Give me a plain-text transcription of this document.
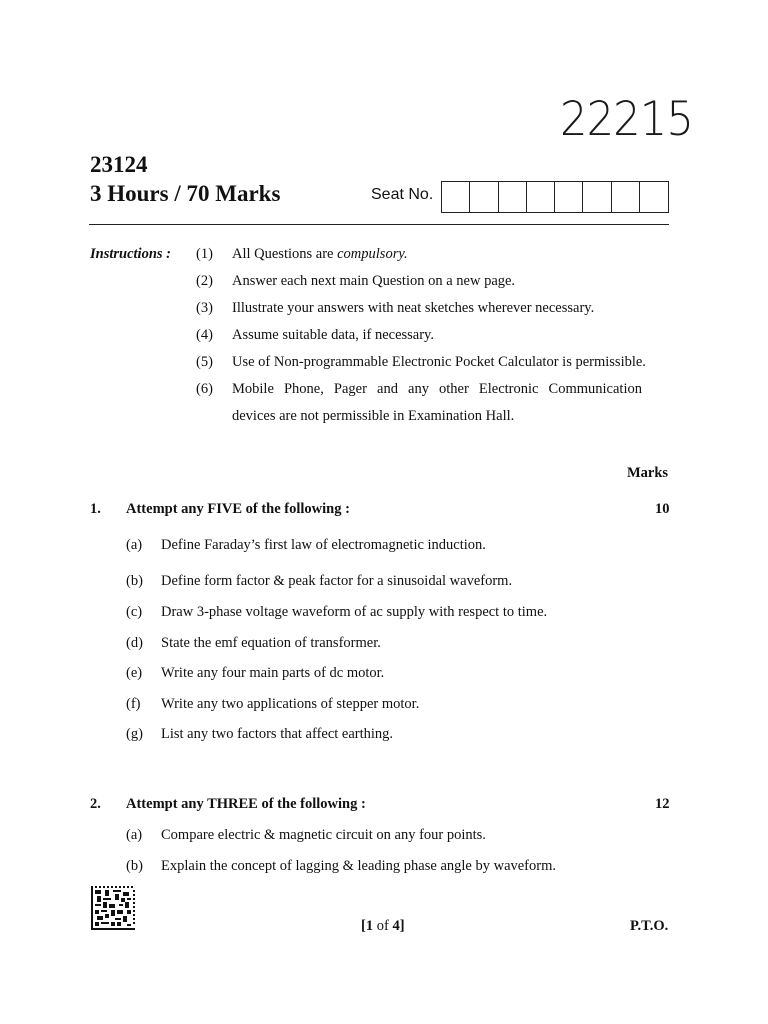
22215
23124
3 Hours / 70 Marks	Seat No.
Instructions : (1) All Questions are compulsory.
(2) Answer each next main Question on a new page.
(3) Illustrate your answers with neat sketches wherever necessary.
(4) Assume suitable data, if necessary.
(5) Use of Non-programmable Electronic Pocket Calculator is permissible.
(6) Mobile Phone, Pager and any other Electronic Communication
devices are not permissible in Examination Hall.
Marks
1. Attempt any FIVE of the following :	10
(a) Define Faraday’s first law of electromagnetic induction.
(b) Define form factor & peak factor for a sinusoidal waveform.
(c) Draw 3-phase voltage waveform of ac supply with respect to time.
(d) State the emf equation of transformer.
(e) Write any four main parts of dc motor.
(f) Write any two applications of stepper motor.
(g) List any two factors that affect earthing.
2. Attempt any THREE of the following :	12
(a) Compare electric & magnetic circuit on any four points.
(b) Explain the concept of lagging & leading phase angle by waveform.
[1 of 4]	P.T.O.
